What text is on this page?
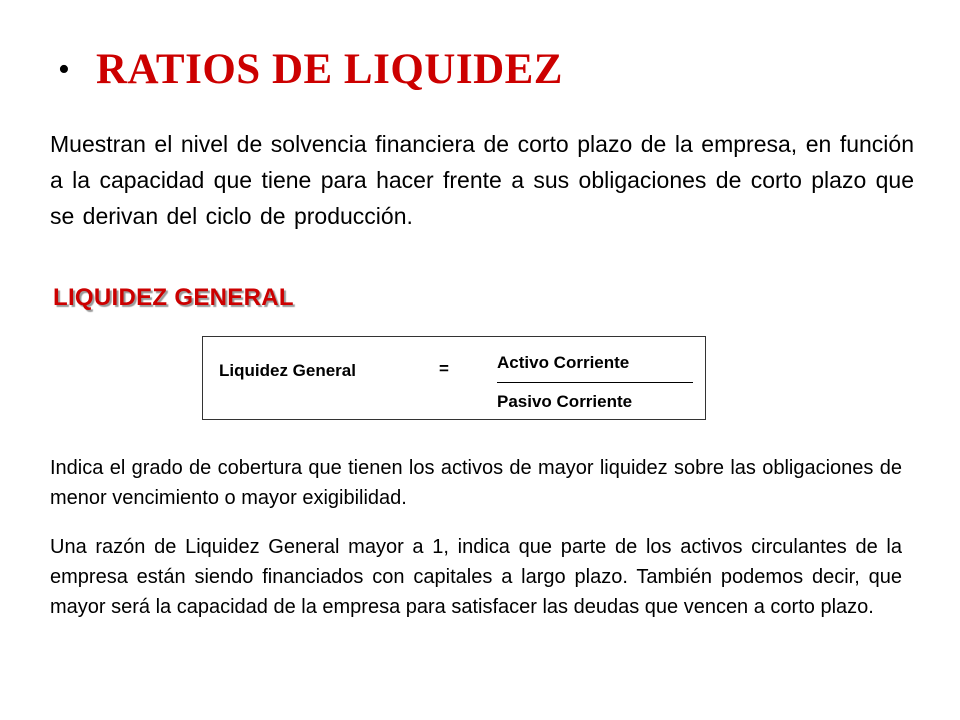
• RATIOS DE LIQUIDEZ

Muestran el nivel de solvencia financiera de corto plazo de la empresa, en función a la capacidad que tiene para hacer frente a sus obligaciones de corto plazo que se derivan del ciclo de producción.

LIQUIDEZ GENERAL
Liquidez General	=	Activo Corriente
Pasivo Corriente

Indica el grado de cobertura que tienen los activos de mayor liquidez sobre las obligaciones de menor vencimiento o mayor exigibilidad.

Una razón de Liquidez General mayor a 1, indica que parte de los activos circulantes de la empresa están siendo financiados con capitales a largo plazo. También podemos decir, que mayor será la capacidad de la empresa para satisfacer las deudas que vencen a corto plazo.
